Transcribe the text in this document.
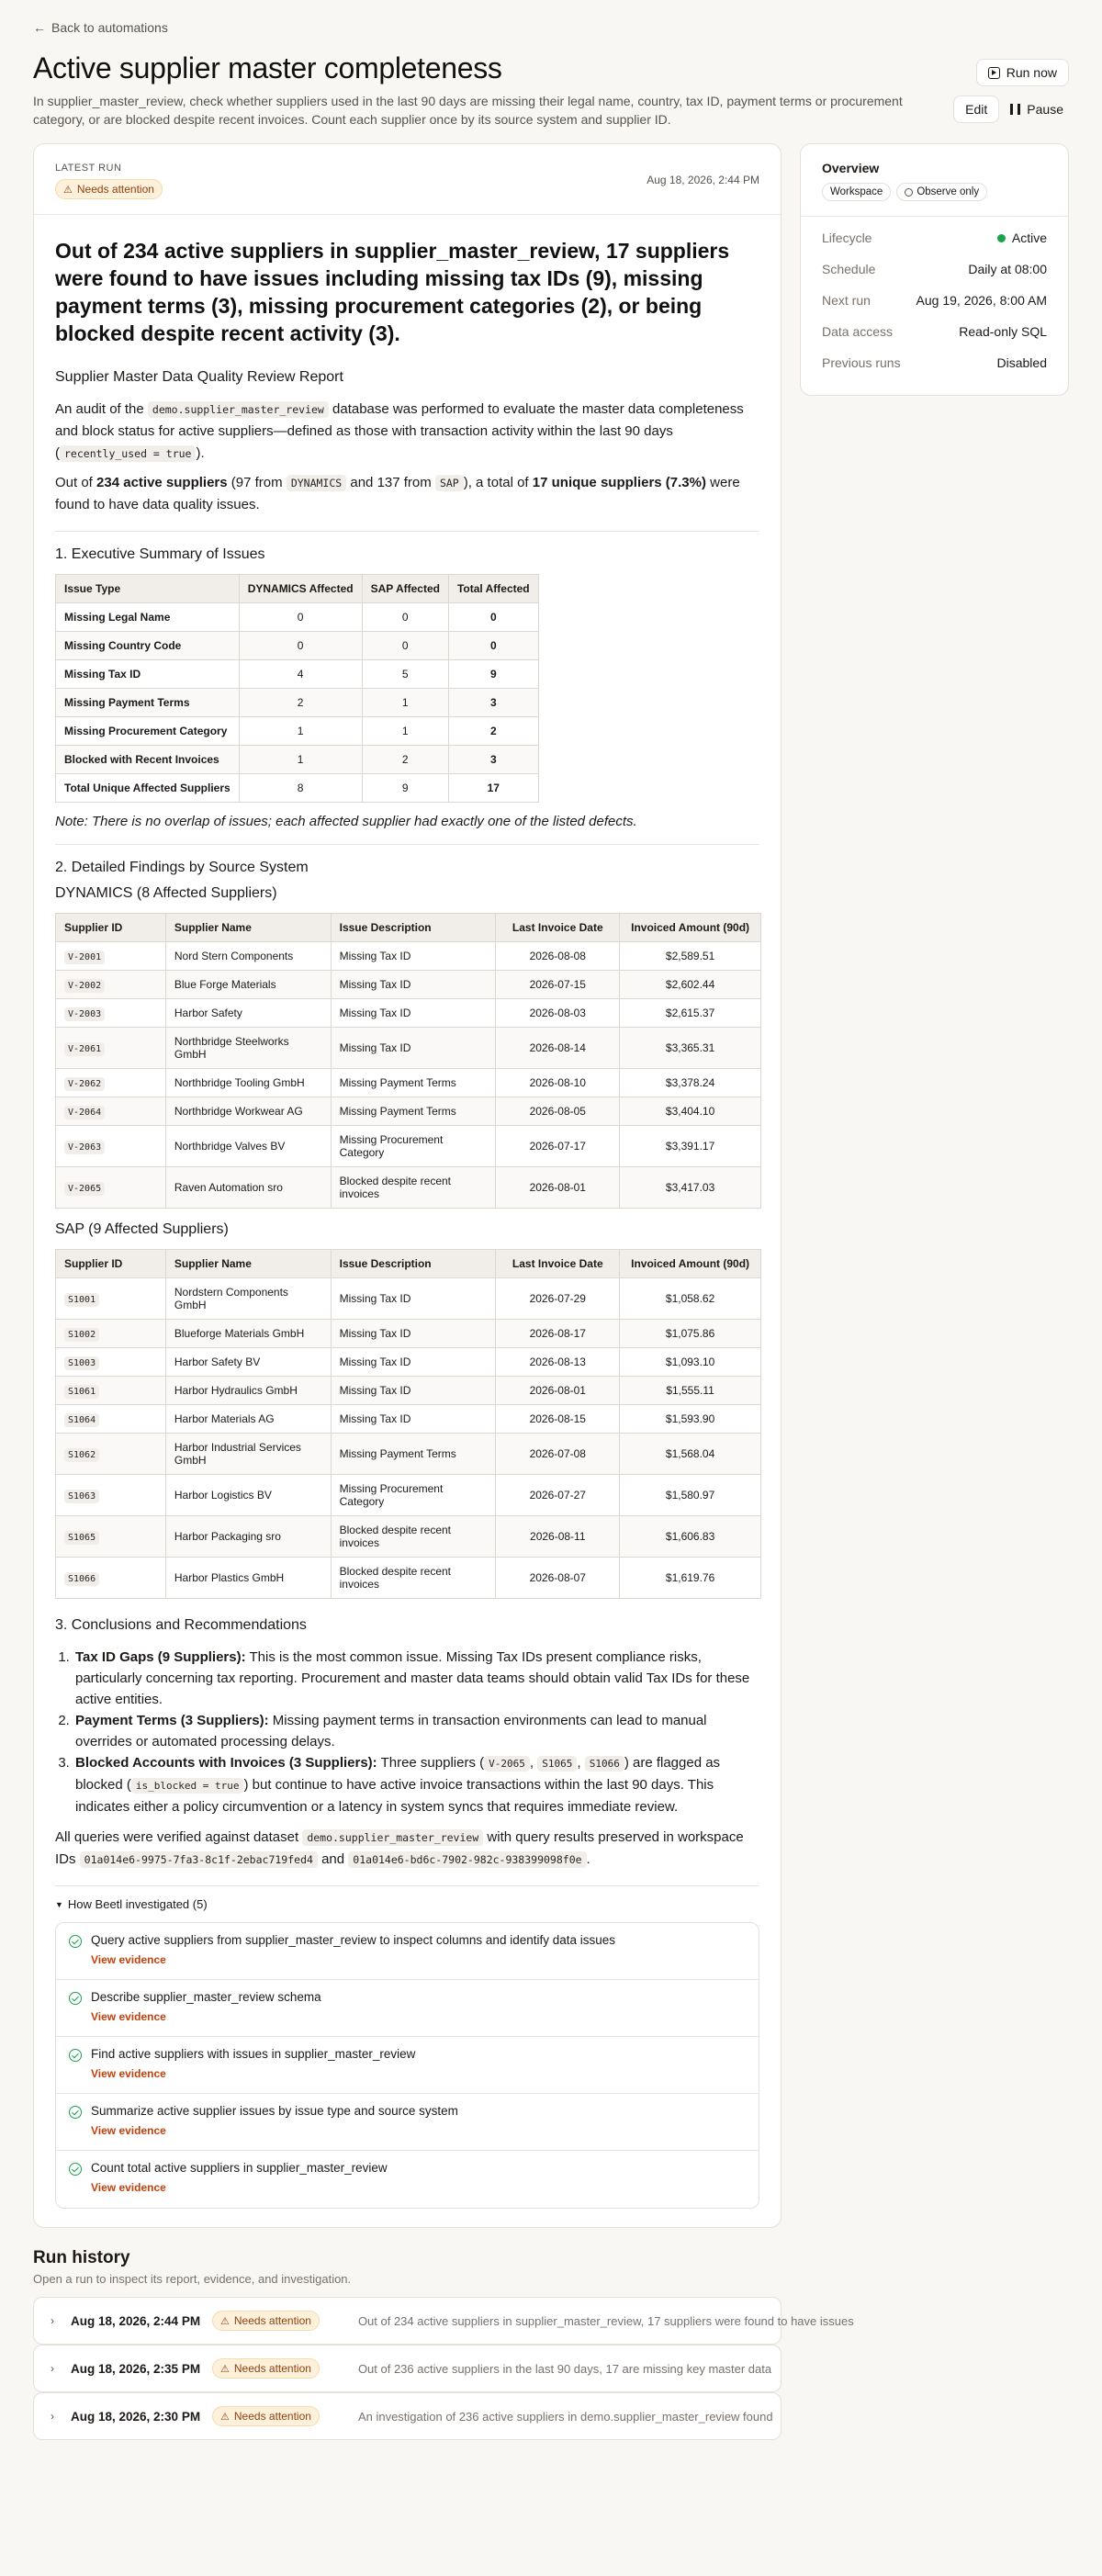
← Back to automations
Active supplier master completeness
In supplier_master_review, check whether suppliers used in the last 90 days are missing their legal name, country, tax ID, payment terms or procurement category, or are blocked despite recent invoices. Count each supplier once by its source system and supplier ID.
Run now
Edit	Pause
LATEST RUN
⚠ Needs attention
Aug 18, 2026, 2:44 PM
Out of 234 active suppliers in supplier_master_review, 17 suppliers were found to have issues including missing tax IDs (9), missing payment terms (3), missing procurement categories (2), or being blocked despite recent activity (3).
Supplier Master Data Quality Review Report

An audit of the demo.supplier_master_review database was performed to evaluate the master data completeness and block status for active suppliers—defined as those with transaction activity within the last 90 days ( recently_used = true ).

Out of 234 active suppliers (97 from DYNAMICS and 137 from SAP ), a total of 17 unique suppliers (7.3%) were found to have data quality issues.

1. Executive Summary of Issues
Issue Type	DYNAMICS Affected	SAP Affected	Total Affected
Missing Legal Name	0	0	0
Missing Country Code	0	0	0
Missing Tax ID	4	5	9
Missing Payment Terms	2	1	3
Missing Procurement Category	1	1	2
Blocked with Recent Invoices	1	2	3
Total Unique Affected Suppliers	8	9	17
Note: There is no overlap of issues; each affected supplier had exactly one of the listed defects.
2. Detailed Findings by Source System
DYNAMICS (8 Affected Suppliers)
Supplier ID	Supplier Name	Issue Description	Last Invoice Date	Invoiced Amount (90d)
V-2001	Nord Stern Components	Missing Tax ID	2026-08-08	$2,589.51
V-2002	Blue Forge Materials	Missing Tax ID	2026-07-15	$2,602.44
V-2003	Harbor Safety	Missing Tax ID	2026-08-03	$2,615.37
V-2061	Northbridge Steelworks GmbH	Missing Tax ID	2026-08-14	$3,365.31
V-2062	Northbridge Tooling GmbH	Missing Payment Terms	2026-08-10	$3,378.24
V-2064	Northbridge Workwear AG	Missing Payment Terms	2026-08-05	$3,404.10
V-2063	Northbridge Valves BV	Missing Procurement Category	2026-07-17	$3,391.17
V-2065	Raven Automation sro	Blocked despite recent invoices	2026-08-01	$3,417.03
SAP (9 Affected Suppliers)
Supplier ID	Supplier Name	Issue Description	Last Invoice Date	Invoiced Amount (90d)
S1001	Nordstern Components GmbH	Missing Tax ID	2026-07-29	$1,058.62
S1002	Blueforge Materials GmbH	Missing Tax ID	2026-08-17	$1,075.86
S1003	Harbor Safety BV	Missing Tax ID	2026-08-13	$1,093.10
S1061	Harbor Hydraulics GmbH	Missing Tax ID	2026-08-01	$1,555.11
S1064	Harbor Materials AG	Missing Tax ID	2026-08-15	$1,593.90
S1062	Harbor Industrial Services GmbH	Missing Payment Terms	2026-07-08	$1,568.04
S1063	Harbor Logistics BV	Missing Procurement Category	2026-07-27	$1,580.97
S1065	Harbor Packaging sro	Blocked despite recent invoices	2026-08-11	$1,606.83
S1066	Harbor Plastics GmbH	Blocked despite recent invoices	2026-08-07	$1,619.76
3. Conclusions and Recommendations
1. Tax ID Gaps (9 Suppliers): This is the most common issue. Missing Tax IDs present compliance risks, particularly concerning tax reporting. Procurement and master data teams should obtain valid Tax IDs for these active entities.
2. Payment Terms (3 Suppliers): Missing payment terms in transaction environments can lead to manual overrides or automated processing delays.
3. Blocked Accounts with Invoices (3 Suppliers): Three suppliers ( V-2065 , S1065 , S1066 ) are flagged as blocked ( is_blocked = true ) but continue to have active invoice transactions within the last 90 days. This indicates either a policy circumvention or a latency in system syncs that requires immediate review.

All queries were verified against dataset demo.supplier_master_review with query results preserved in workspace IDs 01a014e6-9975-7fa3-8c1f-2ebac719fed4 and 01a014e6-bd6c-7902-982c-938399098f0e .

▼ How Beetl investigated (5)
Query active suppliers from supplier_master_review to inspect columns and identify data issues
View evidence
Describe supplier_master_review schema
View evidence
Find active suppliers with issues in supplier_master_review
View evidence
Summarize active supplier issues by issue type and source system
View evidence
Count total active suppliers in supplier_master_review
View evidence
Run history
Open a run to inspect its report, evidence, and investigation.
›	Aug 18, 2026, 2:44 PM ⚠ Needs attention	Out of 234 active suppliers in supplier_master_review, 17 suppliers were found to have issues
›	Aug 18, 2026, 2:35 PM ⚠ Needs attention	Out of 236 active suppliers in the last 90 days, 17 are missing key master data
›	Aug 18, 2026, 2:30 PM ⚠ Needs attention	An investigation of 236 active suppliers in demo.supplier_master_review found
Overview
Workspace	Observe only
Lifecycle	Active
Schedule	Daily at 08:00
Next run	Aug 19, 2026, 8:00 AM
Data access	Read-only SQL
Previous runs	Disabled
